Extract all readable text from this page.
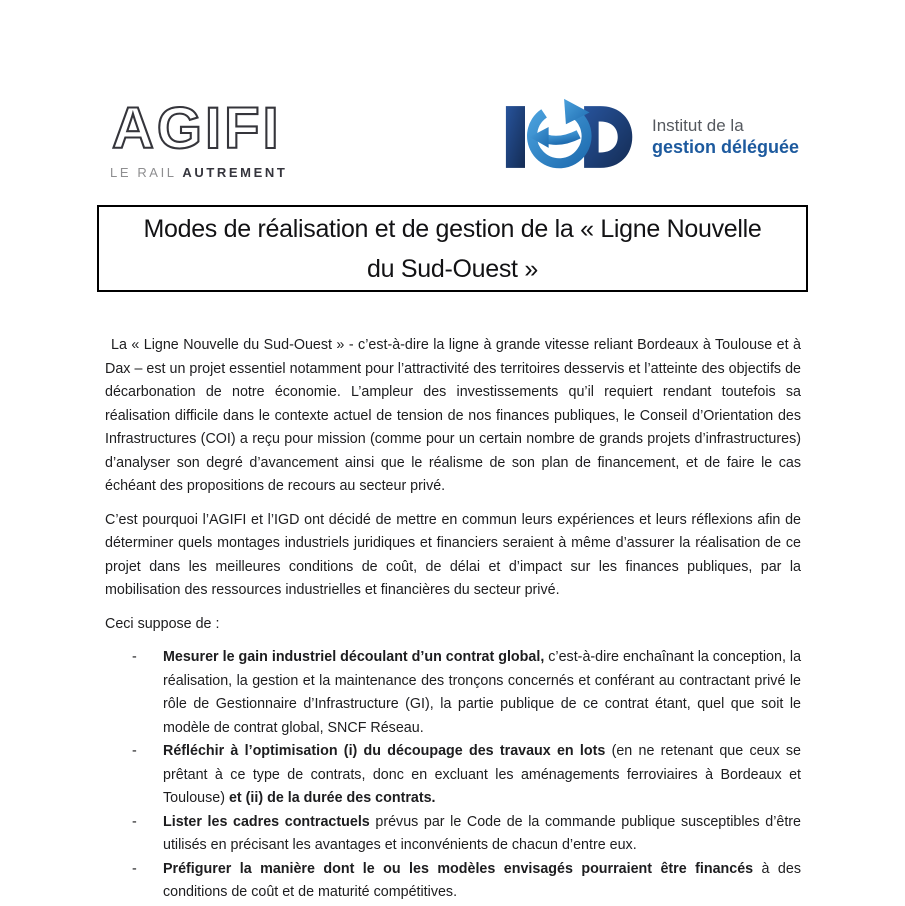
AGIFI
LE RAIL AUTREMENT
Institut de la
gestion déléguée
Modes de réalisation et de gestion de la « Ligne Nouvelle
du Sud-Ouest »

La « Ligne Nouvelle du Sud-Ouest » - c’est-à-dire la ligne à grande vitesse reliant Bordeaux à Toulouse et à Dax – est un projet essentiel notamment pour l’attractivité des territoires desservis et l’atteinte des objectifs de décarbonation de notre économie. L’ampleur des investissements qu’il requiert rendant toutefois sa réalisation difficile dans le contexte actuel de tension de nos finances publiques, le Conseil d’Orientation des Infrastructures (COI) a reçu pour mission (comme pour un certain nombre de grands projets d’infrastructures) d’analyser son degré d’avancement ainsi que le réalisme de son plan de financement, et de faire le cas échéant des propositions de recours au secteur privé.

C’est pourquoi l’AGIFI et l’IGD ont décidé de mettre en commun leurs expériences et leurs réflexions afin de déterminer quels montages industriels juridiques et financiers seraient à même d’assurer la réalisation de ce projet dans les meilleures conditions de coût, de délai et d’impact sur les finances publiques, par la mobilisation des ressources industrielles et financières du secteur privé.

Ceci suppose de :

- Mesurer le gain industriel découlant d’un contrat global, c’est-à-dire enchaînant la conception, la réalisation, la gestion et la maintenance des tronçons concernés et conférant au contractant privé le rôle de Gestionnaire d’Infrastructure (GI), la partie publique de ce contrat étant, quel que soit le modèle de contrat global, SNCF Réseau.
- Réfléchir à l’optimisation (i) du découpage des travaux en lots (en ne retenant que ceux se prêtant à ce type de contrats, donc en excluant les aménagements ferroviaires à Bordeaux et Toulouse) et (ii) de la durée des contrats.
- Lister les cadres contractuels prévus par le Code de la commande publique susceptibles d’être utilisés en précisant les avantages et inconvénients de chacun d’entre eux.
- Préfigurer la manière dont le ou les modèles envisagés pourraient être financés à des conditions de coût et de maturité compétitives.
